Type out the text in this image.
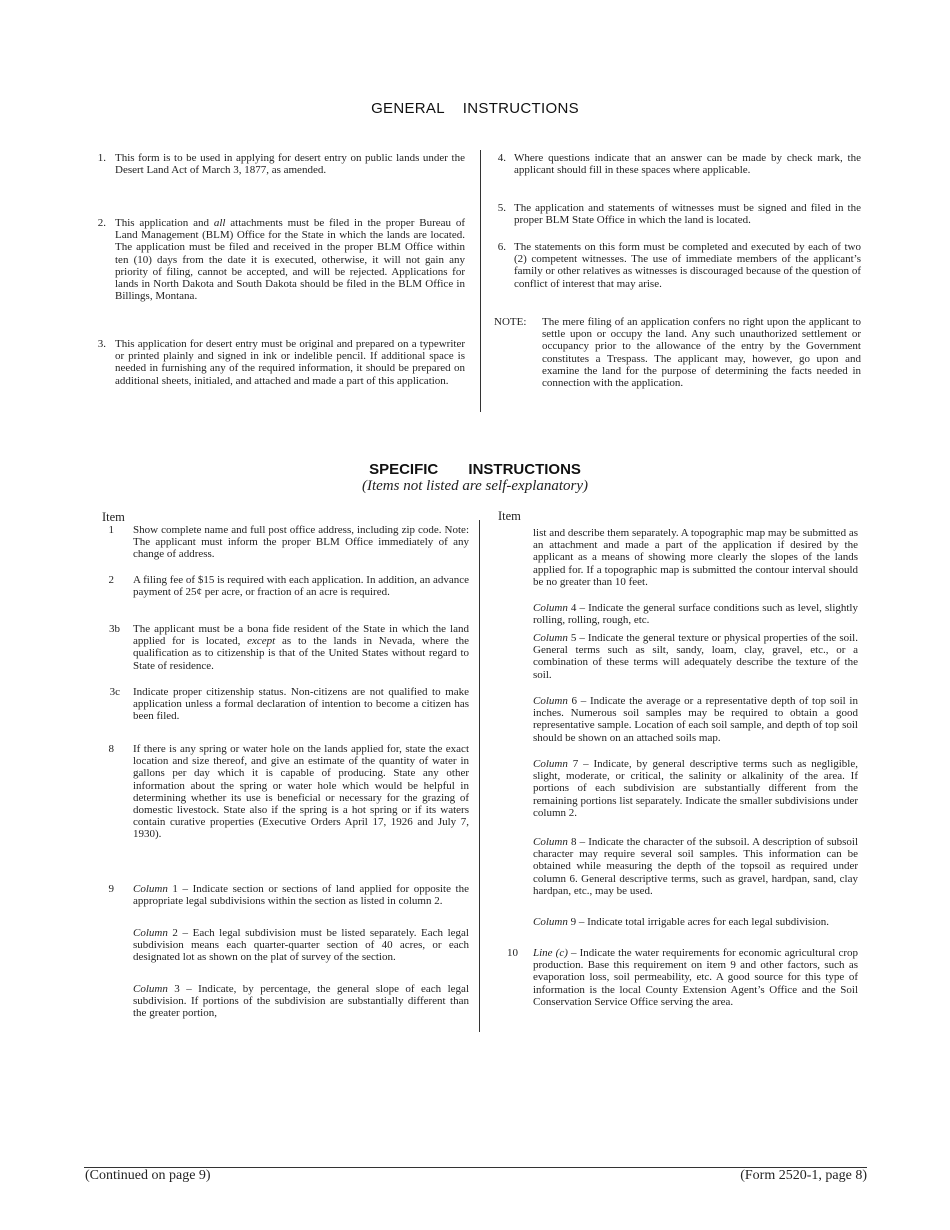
GENERAL INSTRUCTIONS
1. This form is to be used in applying for desert entry on public lands under the Desert Land Act of March 3, 1877, as amended.
2. This application and all attachments must be filed in the proper Bureau of Land Management (BLM) Office for the State in which the lands are located. The application must be filed and received in the proper BLM Office within ten (10) days from the date it is executed, otherwise, it will not gain any priority of filing, cannot be accepted, and will be rejected. Applications for lands in North Dakota and South Dakota should be filed in the BLM Office in Billings, Montana.
3. This application for desert entry must be original and prepared on a typewriter or printed plainly and signed in ink or indelible pencil. If additional space is needed in furnishing any of the required information, it should be prepared on additional sheets, initialed, and attached and made a part of this application.
4. Where questions indicate that an answer can be made by check mark, the applicant should fill in these spaces where applicable.
5. The application and statements of witnesses must be signed and filed in the proper BLM State Office in which the land is located.
6. The statements on this form must be completed and executed by each of two (2) competent witnesses. The use of immediate members of the applicant’s family or other relatives as witnesses is discouraged because of the question of conflict of interest that may arise.
NOTE:	The mere filing of an application confers no right upon the applicant to settle upon or occupy the land. Any such unauthorized settlement or occupancy prior to the allowance of the entry by the Government constitutes a Trespass. The applicant may, however, go upon and examine the land for the purpose of determining the facts needed in connection with the application.
SPECIFIC INSTRUCTIONS
(Items not listed are self-explanatory)
Item	Item
1 Show complete name and full post office address, including zip code. Note: The applicant must inform the proper BLM Office immediately of any change of address.
2 A filing fee of $15 is required with each application. In addition, an advance payment of 25¢ per acre, or fraction of an acre is required.
3b The applicant must be a bona fide resident of the State in which the land applied for is located, except as to the lands in Nevada, where the qualification as to citizenship is that of the United States without regard to State of residence.
3c Indicate proper citizenship status. Non-citizens are not qualified to make application unless a formal declaration of intention to become a citizen has been filed.
8 If there is any spring or water hole on the lands applied for, state the exact location and size thereof, and give an estimate of the quantity of water in gallons per day which it is capable of producing. State any other information about the spring or water hole which would be helpful in determining whether its use is beneficial or necessary for the grazing of domestic livestock. State also if the spring is a hot spring or if its waters contain curative properties (Executive Orders April 17, 1926 and July 7, 1930).
9 Column 1 – Indicate section or sections of land applied for opposite the appropriate legal subdivisions within the section as listed in column 2.
Column 2 – Each legal subdivision must be listed separately. Each legal subdivision means each quarter-quarter section of 40 acres, or each designated lot as shown on the plat of survey of the section.
Column 3 – Indicate, by percentage, the general slope of each legal subdivision. If portions of the subdivision are substantially different than the greater portion,
list and describe them separately. A topographic map may be submitted as an attachment and made a part of the application if desired by the applicant as a means of showing more clearly the slopes of the lands applied for. If a topographic map is submitted the contour interval should be no greater than 10 feet.
Column 4 – Indicate the general surface conditions such as level, slightly rolling, rolling, rough, etc.
Column 5 – Indicate the general texture or physical properties of the soil. General terms such as silt, sandy, loam, clay, gravel, etc., or a combination of these terms will adequately describe the texture of the soil.
Column 6 – Indicate the average or a representative depth of top soil in inches. Numerous soil samples may be required to obtain a good representative sample. Location of each soil sample, and depth of top soil should be shown on an attached soils map.
Column 7 – Indicate, by general descriptive terms such as negligible, slight, moderate, or critical, the salinity or alkalinity of the area. If portions of each subdivision are substantially different from the remaining portions list separately. Indicate the smaller subdivisions under column 2.
Column 8 – Indicate the character of the subsoil. A description of subsoil character may require several soil samples. This information can be obtained while measuring the depth of the topsoil as required under column 6. General descriptive terms, such as gravel, hardpan, sand, clay hardpan, etc., may be used.
Column 9 – Indicate total irrigable acres for each legal subdivision.
10 Line (c) – Indicate the water requirements for economic agricultural crop production. Base this requirement on item 9 and other factors, such as evaporation loss, soil permeability, etc. A good source for this type of information is the local County Extension Agent’s Office and the Soil Conservation Service Office serving the area.
(Continued on page 9)	(Form 2520-1, page 8)
